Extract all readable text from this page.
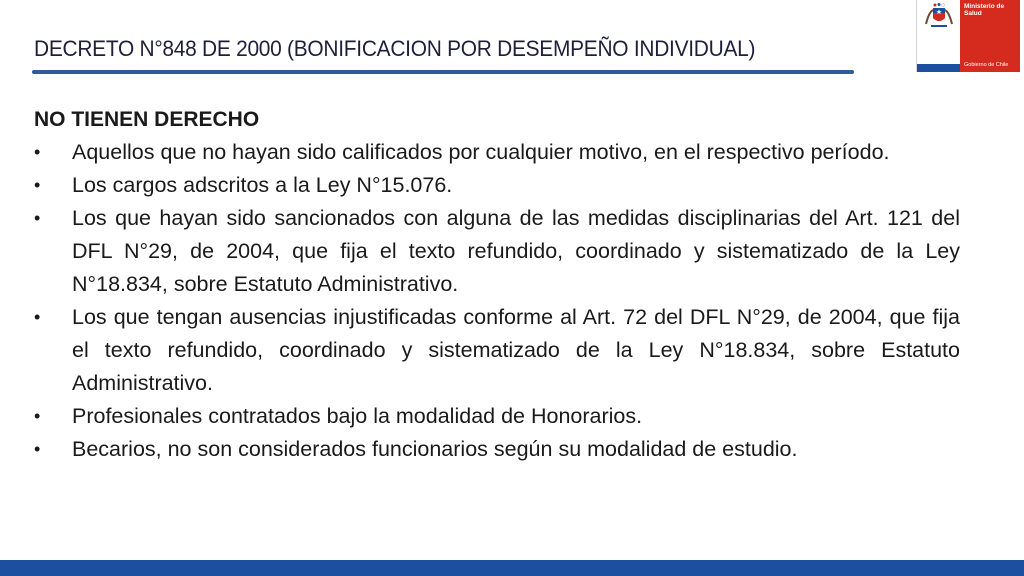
DECRETO N°848 DE 2000 (BONIFICACION POR DESEMPEÑO INDIVIDUAL)
Ministerio de Salud
Gobierno de Chile

NO TIENEN DERECHO

•	Aquellos que no hayan sido calificados por cualquier motivo, en el respectivo período.
•	Los cargos adscritos a la Ley N°15.076.
•	Los que hayan sido sancionados con alguna de las medidas disciplinarias del Art. 121 del DFL N°29, de 2004, que fija el texto refundido, coordinado y sistematizado de la Ley N°18.834, sobre Estatuto Administrativo.
•	Los que tengan ausencias injustificadas conforme al Art. 72 del DFL N°29, de 2004, que fija el texto refundido, coordinado y sistematizado de la Ley N°18.834, sobre Estatuto Administrativo.
•	Profesionales contratados bajo la modalidad de Honorarios.
•	Becarios, no son considerados funcionarios según su modalidad de estudio.
